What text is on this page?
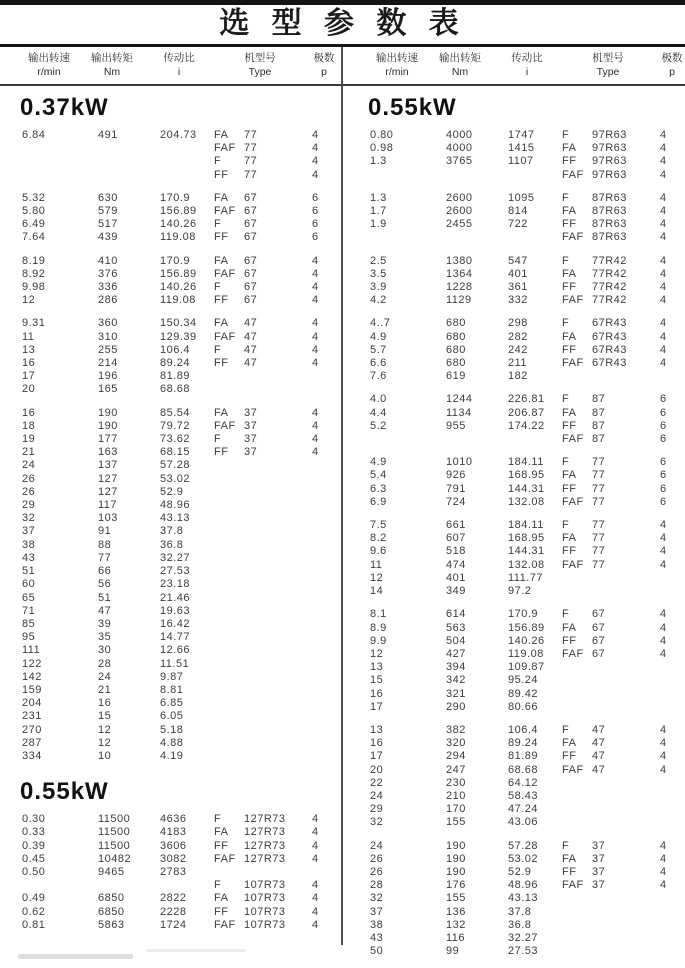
选 型 参 数 表
输出转速
r/min
输出转矩
Nm
传动比
i
机型号
Type
极数
p
输出转速
r/min
输出转矩
Nm
传动比
i
机型号
Type
极数
p
0.37kW
6.84	491	204.73	FA 77	4
FAF 77	4
F 77	4
FF 77	4
5.32	630	170.9	FA 67	6
5.80	579	156.89	FAF 67	6
6.49	517	140.26	F 67	6
7.64	439	119.08	FF 67	6
8.19	410	170.9	FA 67	4
8.92	376	156.89	FAF 67	4
9.98	336	140.26	F 67	4
12	286	119.08	FF 67	4
9.31	360	150.34	FA 47	4
11	310	129.39	FAF 47	4
13	255	106.4	F 47	4
16	214	89.24	FF 47	4
17	196	81.89
20	165	68.68
16	190	85.54	FA 37	4
18	190	79.72	FAF 37	4
19	177	73.62	F 37	4
21	163	68.15	FF 37	4
24	137	57.28
26	127	53.02
26	127	52.9
29	117	48.96
32	103	43.13
37	91	37.8
38	88	36.8
43	77	32.27
51	66	27.53
60	56	23.18
65	51	21.46
71	47	19.63
85	39	16.42
95	35	14.77
111	30	12.66
122	28	11.51
142	24	9.87
159	21	8.81
204	16	6.85
231	15	6.05
270	12	5.18
287	12	4.88
334	10	4.19
0.55kW
0.30	11500	4636	F 127R73	4
0.33	11500	4183	FA 127R73	4
0.39	11500	3606	FF 127R73	4
0.45	10482	3082	FAF 127R73	4
0.50	9465	2783
F 107R73	4
0.49	6850	2822	FA 107R73	4
0.62	6850	2228	FF 107R73	4
0.81	5863	1724	FAF 107R73	4
0.55kW
0.80	4000	1747	F 97R63	4
0.98	4000	1415	FA 97R63	4
1.3	3765	1107	FF 97R63	4
FAF 97R63	4
1.3	2600	1095	F 87R63	4
1.7	2600	814	FA 87R63	4
1.9	2455	722	FF 87R63	4
FAF 87R63	4
2.5	1380	547	F 77R42	4
3.5	1364	401	FA 77R42	4
3.9	1228	361	FF 77R42	4
4.2	1129	332	FAF 77R42	4
4..7	680	298	F 67R43	4
4.9	680	282	FA 67R43	4
5.7	680	242	FF 67R43	4
6.6	680	211	FAF 67R43	4
7.6	619	182
4.0	1244	226.81	F 87	6
4.4	1134	206.87	FA 87	6
5.2	955	174.22	FF 87	6
FAF 87	6
4.9	1010	184.11	F 77	6
5.4	926	168.95	FA 77	6
6.3	791	144.31	FF 77	6
6.9	724	132.08	FAF 77	6
7.5	661	184.11	F 77	4
8.2	607	168.95	FA 77	4
9.6	518	144.31	FF 77	4
11	474	132.08	FAF 77	4
12	401	111.77
14	349	97.2
8.1	614	170.9	F 67	4
8.9	563	156.89	FA 67	4
9.9	504	140.26	FF 67	4
12	427	119.08	FAF 67	4
13	394	109.87
15	342	95.24
16	321	89.42
17	290	80.66
13	382	106.4	F 47	4
16	320	89.24	FA 47	4
17	294	81.89	FF 47	4
20	247	68.68	FAF 47	4
22	230	64.12
24	210	58.43
29	170	47.24
32	155	43.06
24	190	57.28	F 37	4
26	190	53.02	FA 37	4
26	190	52.9	FF 37	4
28	176	48.96	FAF 37	4
32	155	43.13
37	136	37.8
38	132	36.8
43	116	32.27
50	99	27.53
